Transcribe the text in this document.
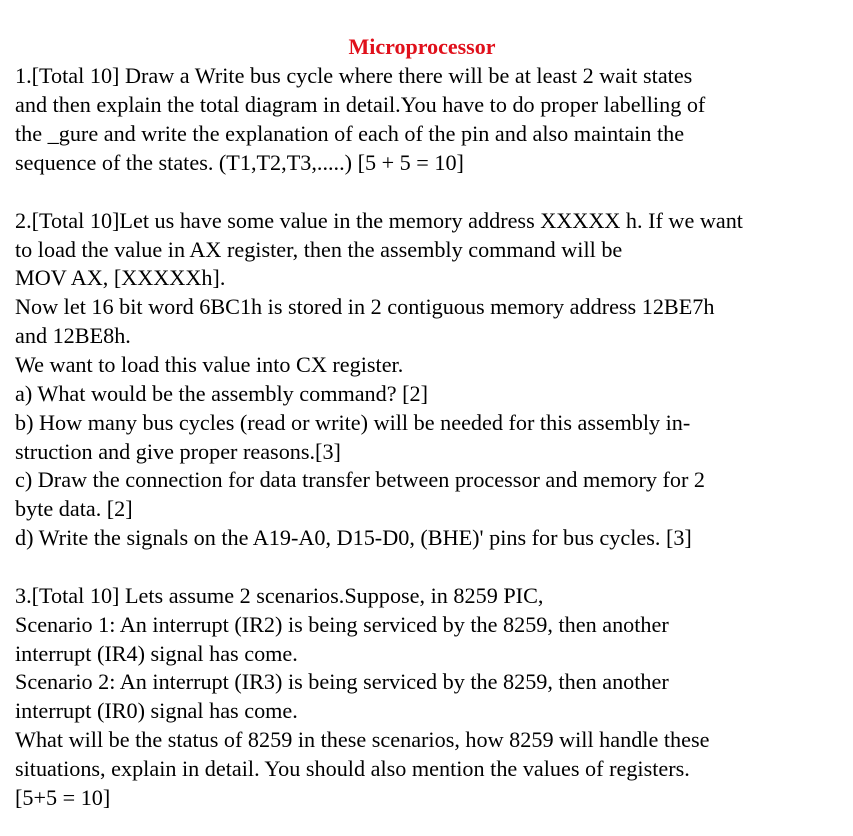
Microprocessor
1.[Total 10] Draw a Write bus cycle where there will be at least 2 wait states
and then explain the total diagram in detail.You have to do proper labelling of
the _gure and write the explanation of each of the pin and also maintain the
sequence of the states. (T1,T2,T3,.....) [5 + 5 = 10]
2.[Total 10]Let us have some value in the memory address XXXXX h. If we want
to load the value in AX register, then the assembly command will be
MOV AX, [XXXXXh].
Now let 16 bit word 6BC1h is stored in 2 contiguous memory address 12BE7h
and 12BE8h.
We want to load this value into CX register.
a) What would be the assembly command? [2]
b) How many bus cycles (read or write) will be needed for this assembly in-
struction and give proper reasons.[3]
c) Draw the connection for data transfer between processor and memory for 2
byte data. [2]
d) Write the signals on the A19-A0, D15-D0, (BHE)' pins for bus cycles. [3]
3.[Total 10] Lets assume 2 scenarios.Suppose, in 8259 PIC,
Scenario 1: An interrupt (IR2) is being serviced by the 8259, then another
interrupt (IR4) signal has come.
Scenario 2: An interrupt (IR3) is being serviced by the 8259, then another
interrupt (IR0) signal has come.
What will be the status of 8259 in these scenarios, how 8259 will handle these
situations, explain in detail. You should also mention the values of registers.
[5+5 = 10]
